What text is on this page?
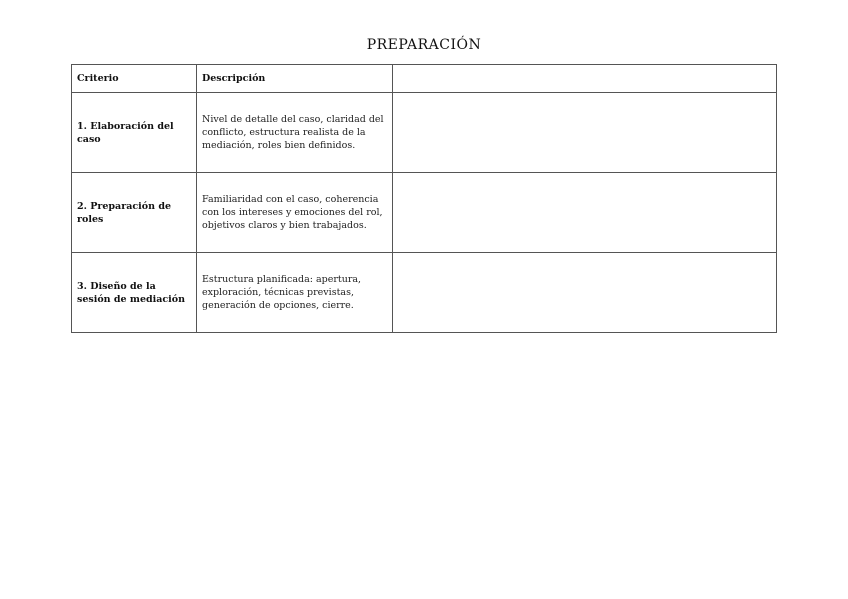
PREPARACIÓN
Criterio	Descripción	
1. Elaboración del caso	Nivel de detalle del caso, claridad del conflicto, estructura realista de la mediación, roles bien definidos.	
2. Preparación de roles	Familiaridad con el caso, coherencia con los intereses y emociones del rol, objetivos claros y bien trabajados.	
3. Diseño de la sesión de mediación	Estructura planificada: apertura, exploración, técnicas previstas, generación de opciones, cierre.	
